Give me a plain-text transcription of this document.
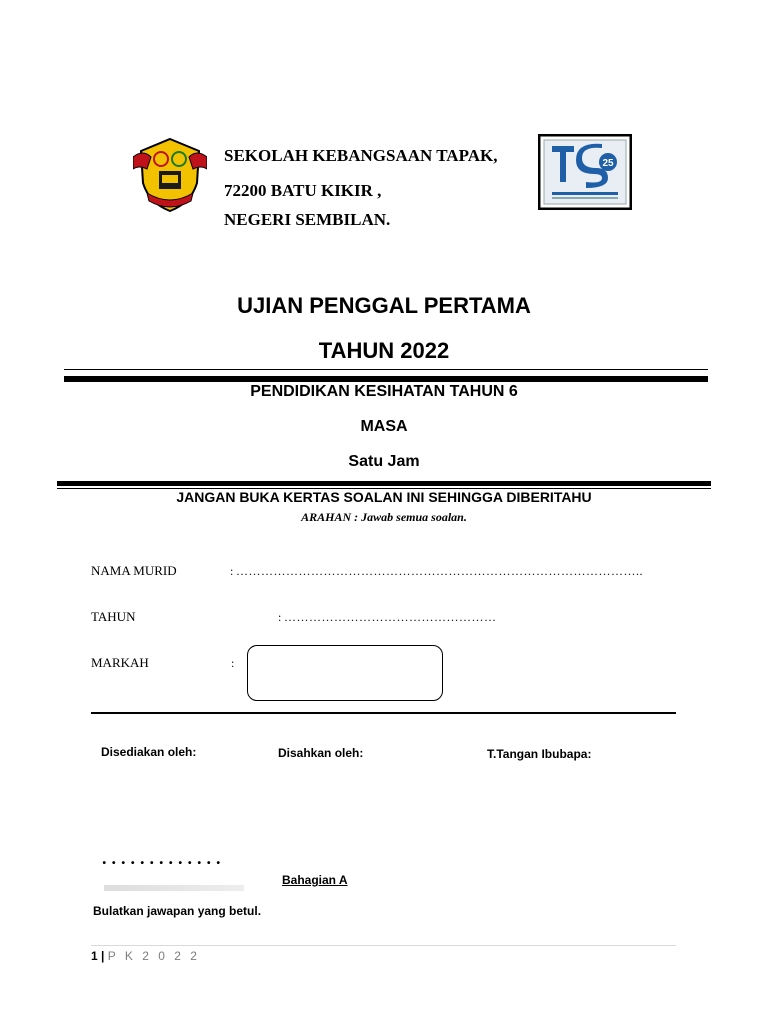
SEKOLAH KEBANGSAAN TAPAK,
72200 BATU KIKIR ,
NEGERI SEMBILAN.
25
UJIAN PENGGAL PERTAMA
TAHUN 2022
PENDIDIKAN KESIHATAN TAHUN 6
MASA
Satu Jam
JANGAN BUKA KERTAS SOALAN INI SEHINGGA DIBERITAHU
ARAHAN : Jawab semua soalan.
NAMA MURID	: ……………………………………………………………………………………..
TAHUN	: ……………………………………………
MARKAH	:
Disediakan oleh:	Disahkan oleh:	T.Tangan Ibubapa:
.............
Bahagian A
Bulatkan jawapan yang betul.
1 | P K 2 0 2 2
